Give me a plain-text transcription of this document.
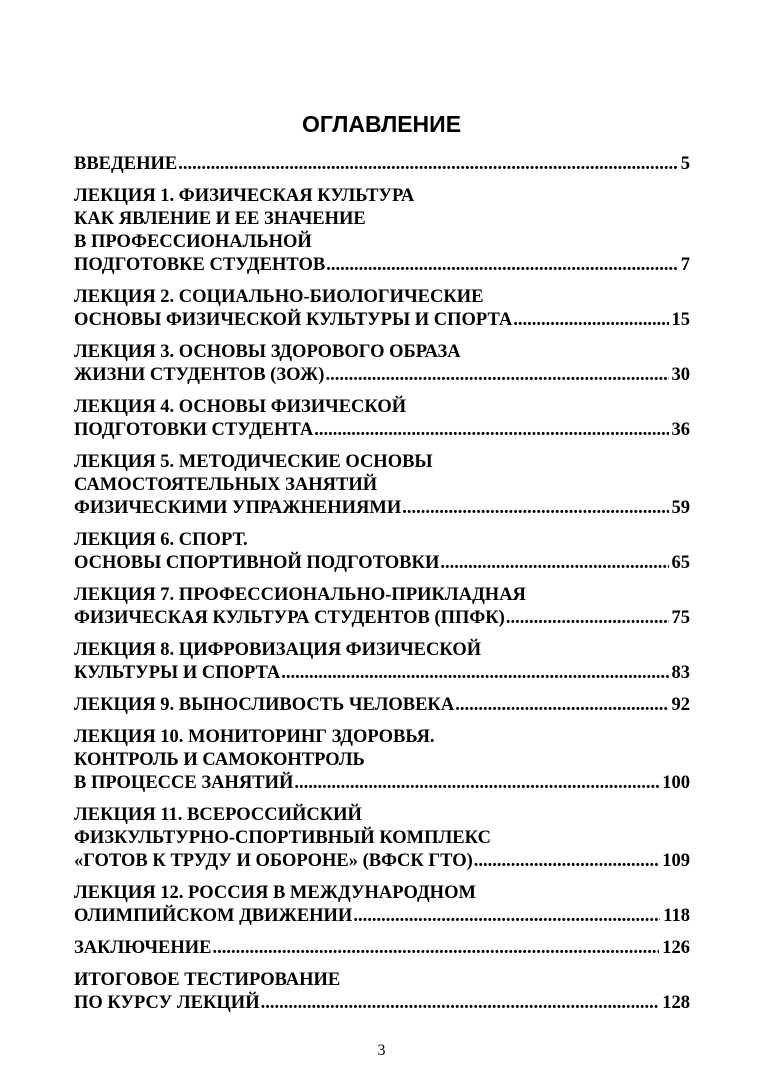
ОГЛАВЛЕНИЕ
ВВЕДЕНИЕ .....	5
ЛЕКЦИЯ 1. ФИЗИЧЕСКАЯ КУЛЬТУРА
КАК ЯВЛЕНИЕ И ЕЕ ЗНАЧЕНИЕ
В ПРОФЕССИОНАЛЬНОЙ
ПОДГОТОВКЕ СТУДЕНТОВ .....	7
ЛЕКЦИЯ 2. СОЦИАЛЬНО-БИОЛОГИЧЕСКИЕ
ОСНОВЫ ФИЗИЧЕСКОЙ КУЛЬТУРЫ И СПОРТА .....	15
ЛЕКЦИЯ 3. ОСНОВЫ ЗДОРОВОГО ОБРАЗА
ЖИЗНИ СТУДЕНТОВ (ЗОЖ) .....	30
ЛЕКЦИЯ 4. ОСНОВЫ ФИЗИЧЕСКОЙ
ПОДГОТОВКИ СТУДЕНТА .....	36
ЛЕКЦИЯ 5. МЕТОДИЧЕСКИЕ ОСНОВЫ
САМОСТОЯТЕЛЬНЫХ ЗАНЯТИЙ
ФИЗИЧЕСКИМИ УПРАЖНЕНИЯМИ .....	59
ЛЕКЦИЯ 6. СПОРТ.
ОСНОВЫ СПОРТИВНОЙ ПОДГОТОВКИ .....	65
ЛЕКЦИЯ 7. ПРОФЕССИОНАЛЬНО-ПРИКЛАДНАЯ
ФИЗИЧЕСКАЯ КУЛЬТУРА СТУДЕНТОВ (ППФК) .....	75
ЛЕКЦИЯ 8. ЦИФРОВИЗАЦИЯ ФИЗИЧЕСКОЙ
КУЛЬТУРЫ И СПОРТА .....	83
ЛЕКЦИЯ 9. ВЫНОСЛИВОСТЬ ЧЕЛОВЕКА .....	92
ЛЕКЦИЯ 10. МОНИТОРИНГ ЗДОРОВЬЯ.
КОНТРОЛЬ И САМОКОНТРОЛЬ
В ПРОЦЕССЕ ЗАНЯТИЙ .....	100
ЛЕКЦИЯ 11. ВСЕРОССИЙСКИЙ
ФИЗКУЛЬТУРНО-СПОРТИВНЫЙ КОМПЛЕКС
«ГОТОВ К ТРУДУ И ОБОРОНЕ» (ВФСК ГТО) .....	109
ЛЕКЦИЯ 12. РОССИЯ В МЕЖДУНАРОДНОМ
ОЛИМПИЙСКОМ ДВИЖЕНИИ .....	118
ЗАКЛЮЧЕНИЕ .....	126
ИТОГОВОЕ ТЕСТИРОВАНИЕ
ПО КУРСУ ЛЕКЦИЙ .....	128
3
